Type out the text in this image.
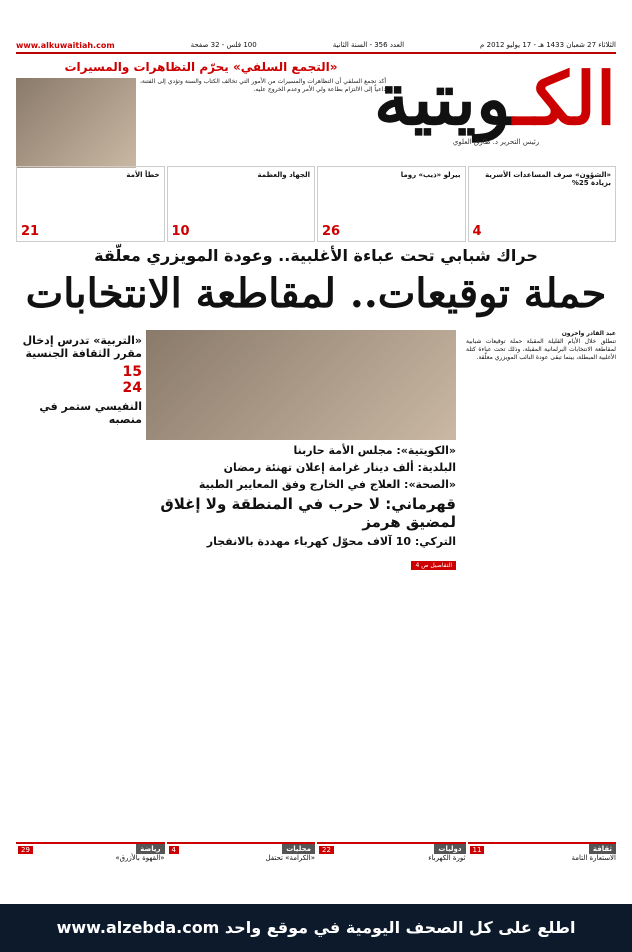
الثلاثاء 27 شعبان 1433 هـ - 17 يوليو 2012 م
العدد 356 - السنة الثانية
100 فلس - 32 صفحة
www.alkuwaitiah.com
الكـويتية
رئيس التحرير د. طارق العلوي
«التجمع السلفي» يحرّم التظاهرات والمسيرات
أكد تجمع السلفي أن التظاهرات والمسيرات من الأمور التي تخالف الكتاب والسنة وتؤدي إلى الفتنة، داعياً إلى الالتزام بطاعة ولي الأمر وعدم الخروج عليه.
«الشؤون» صرف المساعدات الأسرية بزيادة 25%
4
بيرلو «ذيب» روما
26
الجهاد والعظمة
10
خطأ الأمة
21
حراك شبابي تحت عباءة الأغلبية.. وعودة المويزري معلّقة
حملة توقيعات.. لمقاطعة الانتخابات
عبد القادر واخرون
تنطلق خلال الأيام القليلة المقبلة حملة توقيعات شبابية لمقاطعة الانتخابات البرلمانية المقبلة، وذلك تحت عباءة كتلة الأغلبية المبطلة، بينما تبقى عودة النائب المويزري معلّقة.
«الكويتية»: مجلس الأمة حاربنا
البلدية: ألف دينار غرامة إعلان تهنئة رمضان
«الصحة»: العلاج في الخارج وفق المعايير الطبية
قهرماني: لا حرب في المنطقة ولا إغلاق لمضيق هرمز
التركي: 10 آلاف محوّل كهرباء مهددة بالانفجار
التفاصيل ص 4
«التربية» تدرس إدخال مقرر الثقافة الجنسية
15
24
النفيسي ستمر في منصبه
ثقافة
11
الاستعارة التامة
دوليات
22
ثورة الكهرباء
محليات
4
«الكرامة» تحتفل
رياضة
29
«القهوة بالأزرق»
اطلع على كل الصحف اليومية في موقع واحد www.alzebda.com
